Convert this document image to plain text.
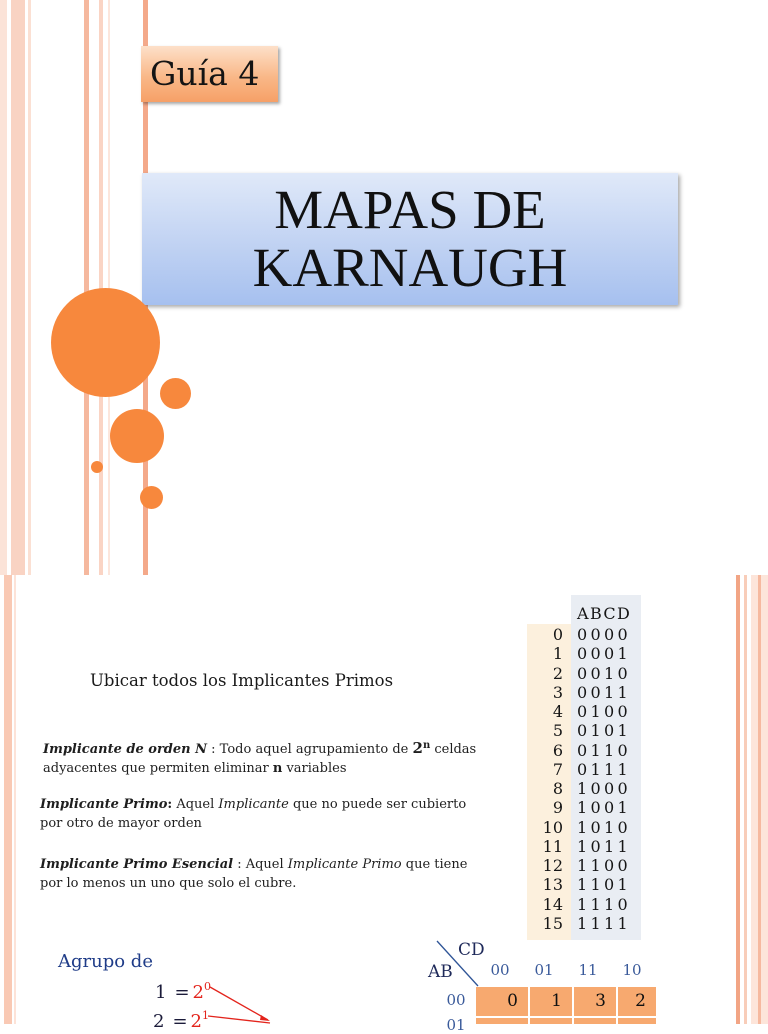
Guía 4
MAPAS DE
KARNAUGH
Ubicar todos los Implicantes Primos
Implicante de orden N : Todo aquel agrupamiento de 2$^n$ celdas
adyacentes que permiten eliminar n variables
Implicante Primo: Aquel Implicante que no puede ser cubierto
por otro de mayor orden
Implicante Primo Esencial : Aquel Implicante Primo que tiene
por lo menos un uno que solo el cubre.
ABCD
0 0000
1 0001
2 0010
3 0011
4 0100
5 0101
6 0110
7 0111
8 1000
9 1001
10 1010
11 1011
12 1100
13 1101
14 1110
15 1111
Agrupo de
$1 = 2^0$
$2 = 2^1$
CD
AB	00	01	11	10
00	0	1	3	2
01
